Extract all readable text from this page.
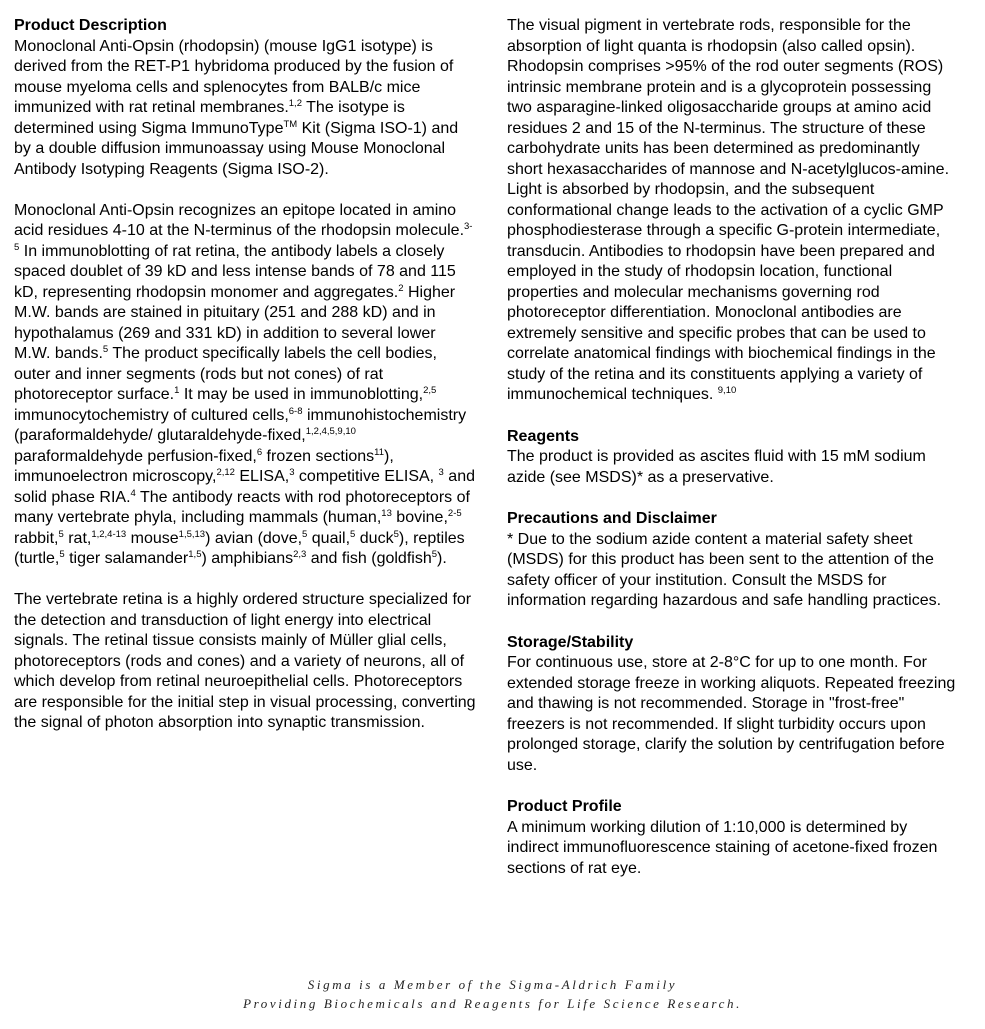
Product Description

Monoclonal Anti-Opsin (rhodopsin) (mouse IgG1 isotype) is derived from the RET-P1 hybridoma produced by the fusion of mouse myeloma cells and splenocytes from BALB/c mice immunized with rat retinal membranes.$^{1,2}$ The isotype is determined using Sigma ImmunoType™ Kit (Sigma ISO-1) and by a double diffusion immunoassay using Mouse Monoclonal Antibody Isotyping Reagents (Sigma ISO-2).

Monoclonal Anti-Opsin recognizes an epitope located in amino acid residues 4-10 at the N-terminus of the rhodopsin molecule.$^{3-5}$ In immunoblotting of rat retina, the antibody labels a closely spaced doublet of 39 kD and less intense bands of 78 and 115 kD, representing rhodopsin monomer and aggregates.$^2$ Higher M.W. bands are stained in pituitary (251 and 288 kD) and in hypothalamus (269 and 331 kD) in addition to several lower M.W. bands.$^5$ The product specifically labels the cell bodies, outer and inner segments (rods but not cones) of rat photoreceptor surface.$^1$ It may be used in immunoblotting,$^{2,5}$ immunocytochemistry of cultured cells,$^{6-8}$ immunohistochemistry (paraformaldehyde/ glutaraldehyde-fixed,$^{1,2,4,5,9,10}$ paraformaldehyde perfusion-fixed,$^6$ frozen sections$^{11}$), immunoelectron microscopy,$^{2,12}$ ELISA,$^3$ competitive ELISA, $^3$ and solid phase RIA.$^4$ The antibody reacts with rod photoreceptors of many vertebrate phyla, including mammals (human,$^{13}$ bovine,$^{2-5}$ rabbit,$^5$ rat,$^{1,2,4-13}$ mouse$^{1,5,13}$) avian (dove,$^5$ quail,$^5$ duck$^5$), reptiles (turtle,$^5$ tiger salamander$^{1,5}$) amphibians$^{2,3}$ and fish (goldfish$^5$).

The vertebrate retina is a highly ordered structure specialized for the detection and transduction of light energy into electrical signals. The retinal tissue consists mainly of Müller glial cells, photoreceptors (rods and cones) and a variety of neurons, all of which develop from retinal neuroepithelial cells. Photoreceptors are responsible for the initial step in visual processing, converting the signal of photon absorption into synaptic transmission.

The visual pigment in vertebrate rods, responsible for the absorption of light quanta is rhodopsin (also called opsin). Rhodopsin comprises >95% of the rod outer segments (ROS) intrinsic membrane protein and is a glycoprotein possessing two asparagine-linked oligosaccharide groups at amino acid residues 2 and 15 of the N-terminus. The structure of these carbohydrate units has been determined as predominantly short hexasaccharides of mannose and N-acetylglucos-amine. Light is absorbed by rhodopsin, and the subsequent conformational change leads to the activation of a cyclic GMP phosphodiesterase through a specific G-protein intermediate, transducin. Antibodies to rhodopsin have been prepared and employed in the study of rhodopsin location, functional properties and molecular mechanisms governing rod photoreceptor differentiation. Monoclonal antibodies are extremely sensitive and specific probes that can be used to correlate anatomical findings with biochemical findings in the study of the retina and its constituents applying a variety of immunochemical techniques. $^{9,10}$

Reagents

The product is provided as ascites fluid with 15 mM sodium azide (see MSDS)* as a preservative.

Precautions and Disclaimer

* Due to the sodium azide content a material safety sheet (MSDS) for this product has been sent to the attention of the safety officer of your institution. Consult the MSDS for information regarding hazardous and safe handling practices.

Storage/Stability

For continuous use, store at 2-8°C for up to one month. For extended storage freeze in working aliquots. Repeated freezing and thawing is not recommended. Storage in "frost-free" freezers is not recommended. If slight turbidity occurs upon prolonged storage, clarify the solution by centrifugation before use.

Product Profile

A minimum working dilution of 1:10,000 is determined by indirect immunofluorescence staining of acetone-fixed frozen sections of rat eye.

Sigma is a Member of the Sigma-Aldrich Family
Providing Biochemicals and Reagents for Life Science Research.
